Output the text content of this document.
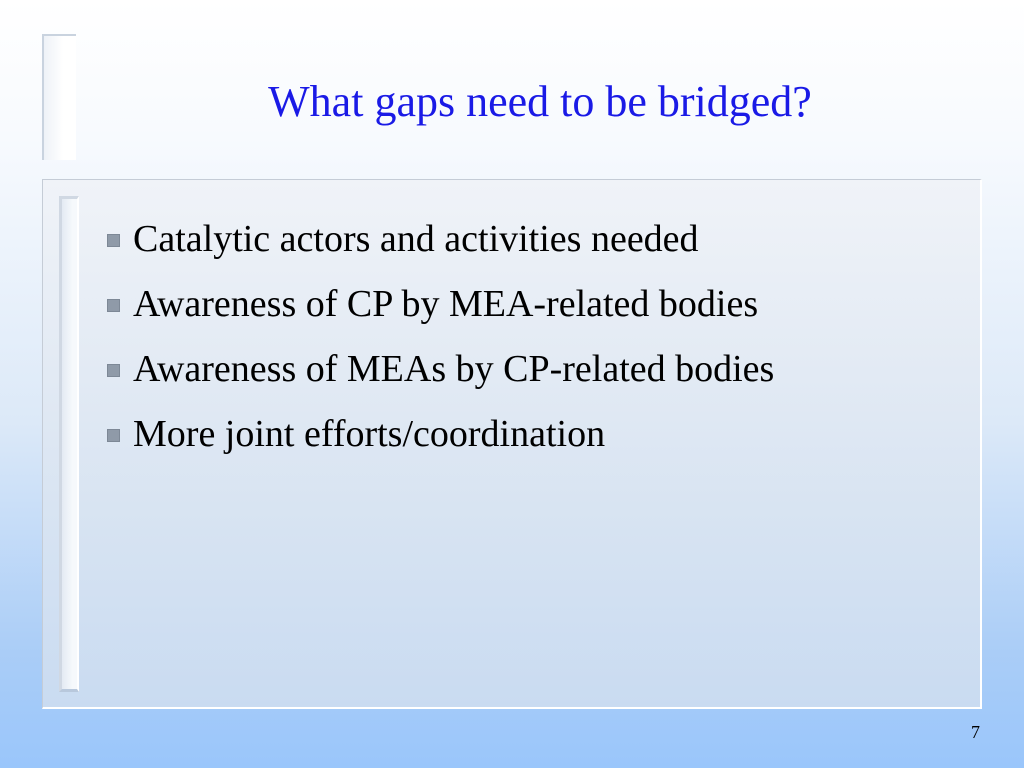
What gaps need to be bridged?
Catalytic actors and activities needed
Awareness of CP by MEA-related bodies
Awareness of MEAs by CP-related bodies
More joint efforts/coordination
7
